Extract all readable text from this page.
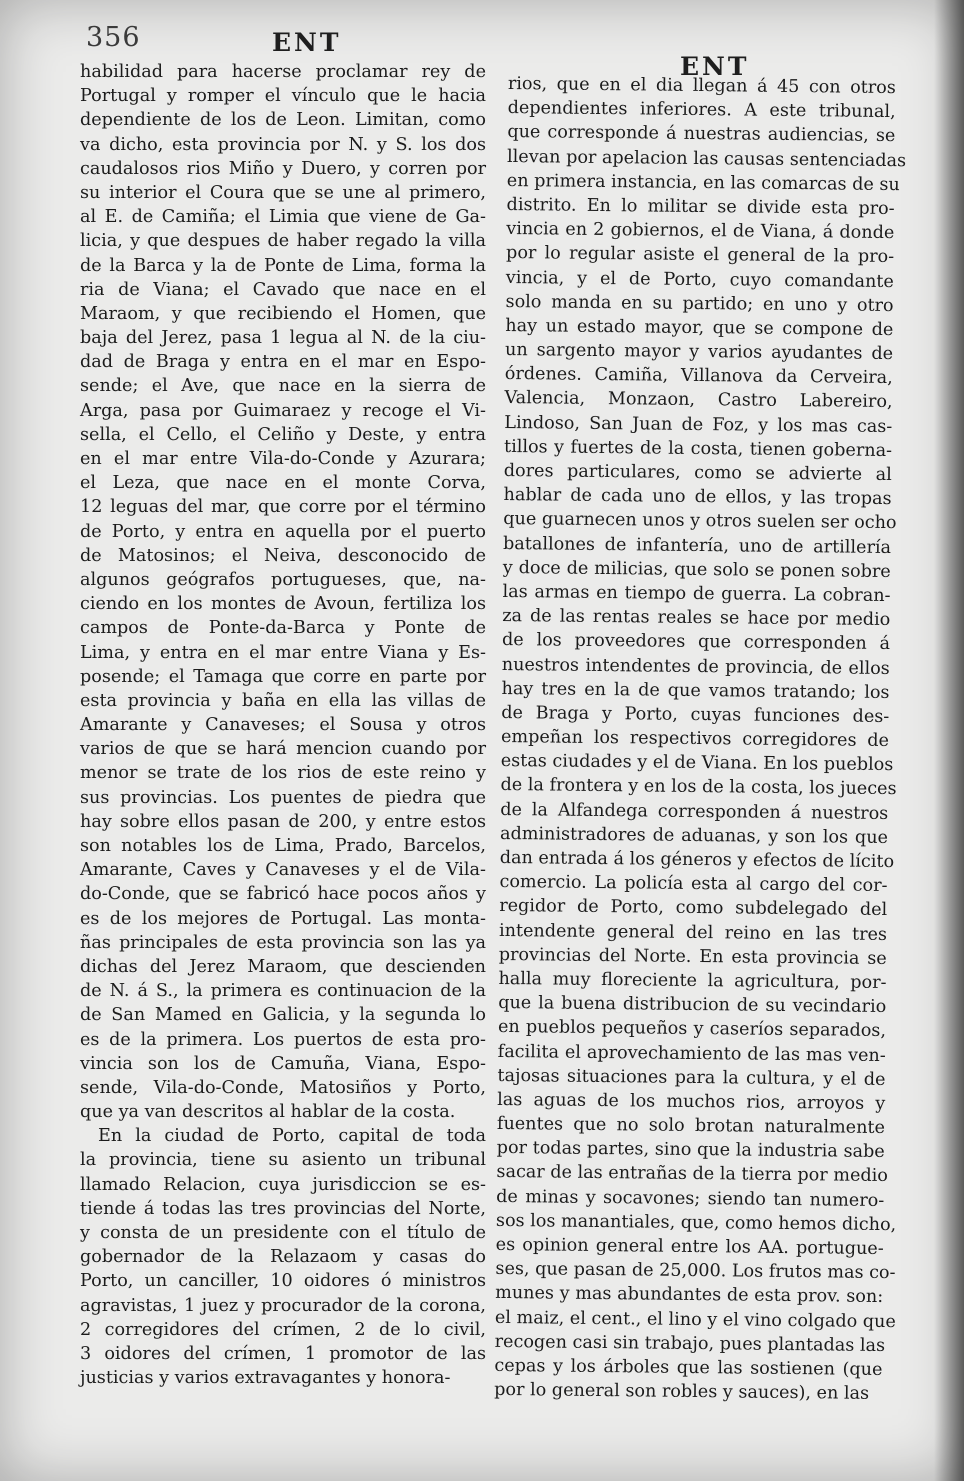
356	ENT
ENT
habilidad para hacerse proclamar rey de
Portugal y romper el vínculo que le hacia
dependiente de los de Leon. Limitan, como
va dicho, esta provincia por N. y S. los dos
caudalosos rios Miño y Duero, y corren por
su interior el Coura que se une al primero,
al E. de Camiña; el Limia que viene de Ga-
licia, y que despues de haber regado la villa
de la Barca y la de Ponte de Lima, forma la
ria de Viana; el Cavado que nace en el
Maraom, y que recibiendo el Homen, que
baja del Jerez, pasa 1 legua al N. de la ciu-
dad de Braga y entra en el mar en Espo-
sende; el Ave, que nace en la sierra de
Arga, pasa por Guimaraez y recoge el Vi-
sella, el Cello, el Celiño y Deste, y entra
en el mar entre Vila-do-Conde y Azurara;
el Leza, que nace en el monte Corva,
12 leguas del mar, que corre por el término
de Porto, y entra en aquella por el puerto
de Matosinos; el Neiva, desconocido de
algunos geógrafos portugueses, que, na-
ciendo en los montes de Avoun, fertiliza los
campos de Ponte-da-Barca y Ponte de
Lima, y entra en el mar entre Viana y Es-
posende; el Tamaga que corre en parte por
esta provincia y baña en ella las villas de
Amarante y Canaveses; el Sousa y otros
varios de que se hará mencion cuando por
menor se trate de los rios de este reino y
sus provincias. Los puentes de piedra que
hay sobre ellos pasan de 200, y entre estos
son notables los de Lima, Prado, Barcelos,
Amarante, Caves y Canaveses y el de Vila-
do-Conde, que se fabricó hace pocos años y
es de los mejores de Portugal. Las monta-
ñas principales de esta provincia son las ya
dichas del Jerez Maraom, que descienden
de N. á S., la primera es continuacion de la
de San Mamed en Galicia, y la segunda lo
es de la primera. Los puertos de esta pro-
vincia son los de Camuña, Viana, Espo-
sende, Vila-do-Conde, Matosiños y Porto,
que ya van descritos al hablar de la costa.
En la ciudad de Porto, capital de toda
la provincia, tiene su asiento un tribunal
llamado Relacion, cuya jurisdiccion se es-
tiende á todas las tres provincias del Norte,
y consta de un presidente con el título de
gobernador de la Relazaom y casas do
Porto, un canciller, 10 oidores ó ministros
agravistas, 1 juez y procurador de la corona,
2 corregidores del crímen, 2 de lo civil,
3 oidores del crímen, 1 promotor de las
justicias y varios extravagantes y honora-
rios, que en el dia llegan á 45 con otros
dependientes inferiores. A este tribunal,
que corresponde á nuestras audiencias, se
llevan por apelacion las causas sentenciadas
en primera instancia, en las comarcas de su
distrito. En lo militar se divide esta pro-
vincia en 2 gobiernos, el de Viana, á donde
por lo regular asiste el general de la pro-
vincia, y el de Porto, cuyo comandante
solo manda en su partido; en uno y otro
hay un estado mayor, que se compone de
un sargento mayor y varios ayudantes de
órdenes. Camiña, Villanova da Cerveira,
Valencia, Monzaon, Castro Labereiro,
Lindoso, San Juan de Foz, y los mas cas-
tillos y fuertes de la costa, tienen goberna-
dores particulares, como se advierte al
hablar de cada uno de ellos, y las tropas
que guarnecen unos y otros suelen ser ocho
batallones de infantería, uno de artillería
y doce de milicias, que solo se ponen sobre
las armas en tiempo de guerra. La cobran-
za de las rentas reales se hace por medio
de los proveedores que corresponden á
nuestros intendentes de provincia, de ellos
hay tres en la de que vamos tratando; los
de Braga y Porto, cuyas funciones des-
empeñan los respectivos corregidores de
estas ciudades y el de Viana. En los pueblos
de la frontera y en los de la costa, los jueces
de la Alfandega corresponden á nuestros
administradores de aduanas, y son los que
dan entrada á los géneros y efectos de lícito
comercio. La policía esta al cargo del cor-
regidor de Porto, como subdelegado del
intendente general del reino en las tres
provincias del Norte. En esta provincia se
halla muy floreciente la agricultura, por-
que la buena distribucion de su vecindario
en pueblos pequeños y caseríos separados,
facilita el aprovechamiento de las mas ven-
tajosas situaciones para la cultura, y el de
las aguas de los muchos rios, arroyos y
fuentes que no solo brotan naturalmente
por todas partes, sino que la industria sabe
sacar de las entrañas de la tierra por medio
de minas y socavones; siendo tan numero-
sos los manantiales, que, como hemos dicho,
es opinion general entre los AA. portugue-
ses, que pasan de 25,000. Los frutos mas co-
munes y mas abundantes de esta prov. son:
el maiz, el cent., el lino y el vino colgado que
recogen casi sin trabajo, pues plantadas las
cepas y los árboles que las sostienen (que
por lo general son robles y sauces), en las
